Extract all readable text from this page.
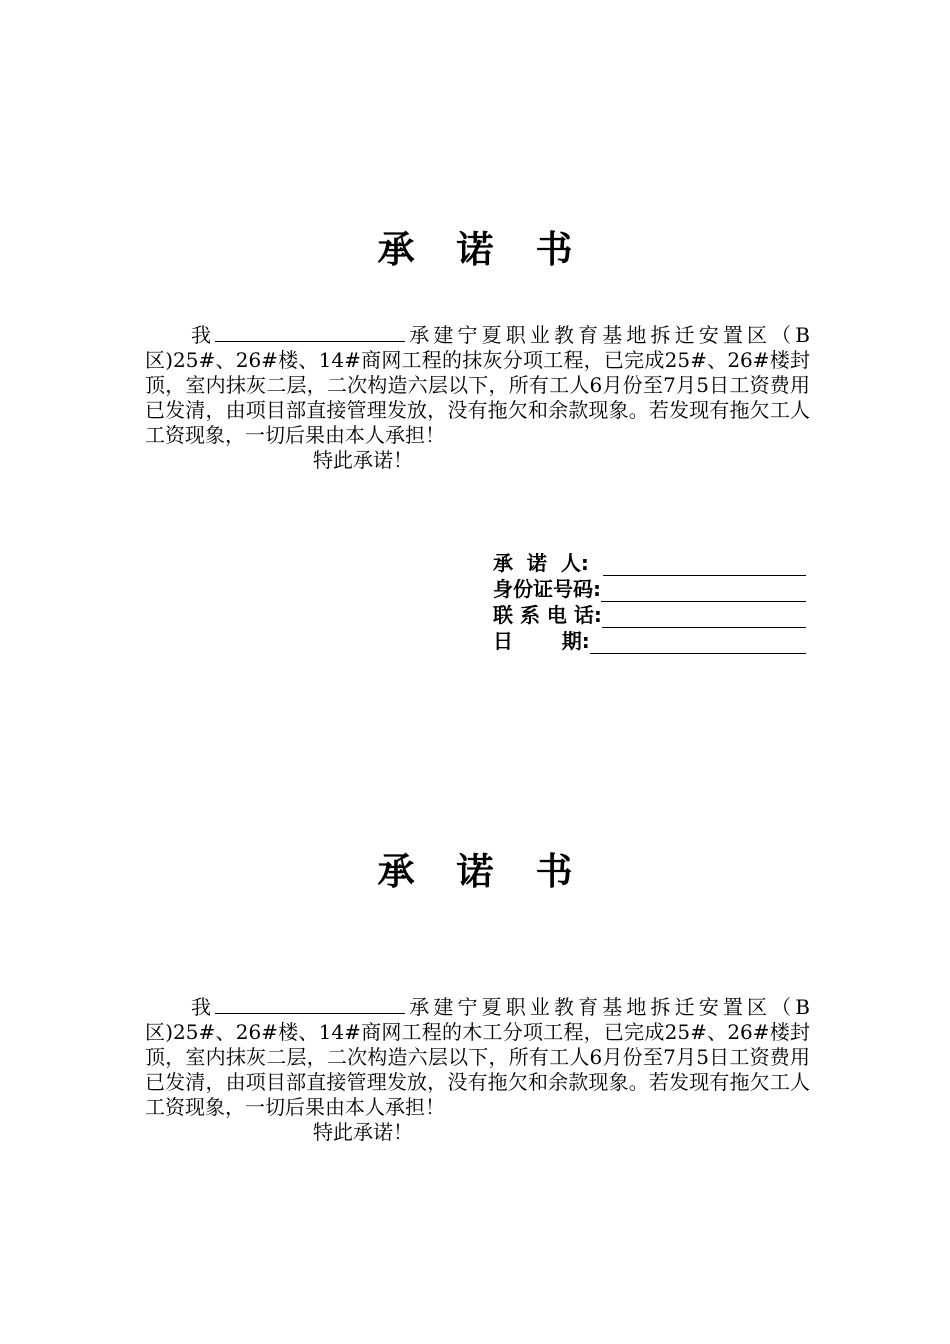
承诺书

我	承建宁夏职业教育基地拆迁安置区（B区)25#、26#楼、14#商网工程的抹灰分项工程，已完成25#、26#楼封顶，室内抹灰二层，二次构造六层以下，所有工人6月份至7月5日工资费用已发清，由项目部直接管理发放，没有拖欠和余款现象。若发现有拖欠工人工资现象，一切后果由本人承担！

特此承诺！

承  诺  人:
身份证号码:
联 系 电 话:
日       期:
承诺书

我	承建宁夏职业教育基地拆迁安置区（B区)25#、26#楼、14#商网工程的木工分项工程，已完成25#、26#楼封顶，室内抹灰二层，二次构造六层以下，所有工人6月份至7月5日工资费用已发清，由项目部直接管理发放，没有拖欠和余款现象。若发现有拖欠工人工资现象，一切后果由本人承担！

特此承诺！
